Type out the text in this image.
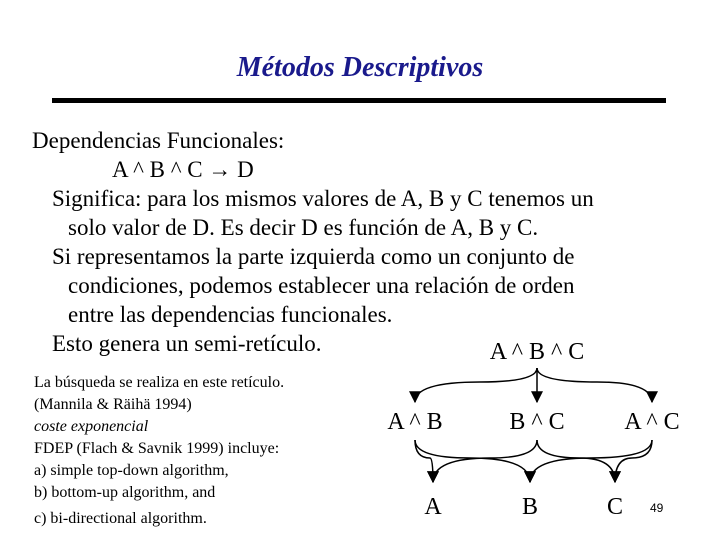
Métodos Descriptivos
Dependencias Funcionales:
A ^ B ^ C → D
Significa: para los mismos valores de A, B y C tenemos un
solo valor de D. Es decir D es función de A, B y C.
Si representamos la parte izquierda como un conjunto de
condiciones, podemos establecer una relación de orden
entre las dependencias funcionales.
Esto genera un semi-retículo.
La búsqueda se realiza en este retículo.
(Mannila & Räihä 1994)
coste exponencial
FDEP (Flach & Savnik 1999) incluye:
a) simple top-down algorithm,
b) bottom-up algorithm, and
c) bi-directional algorithm.
A ^ B ^ C
A ^ B	B ^ C A ^ C
A	B	C 49
